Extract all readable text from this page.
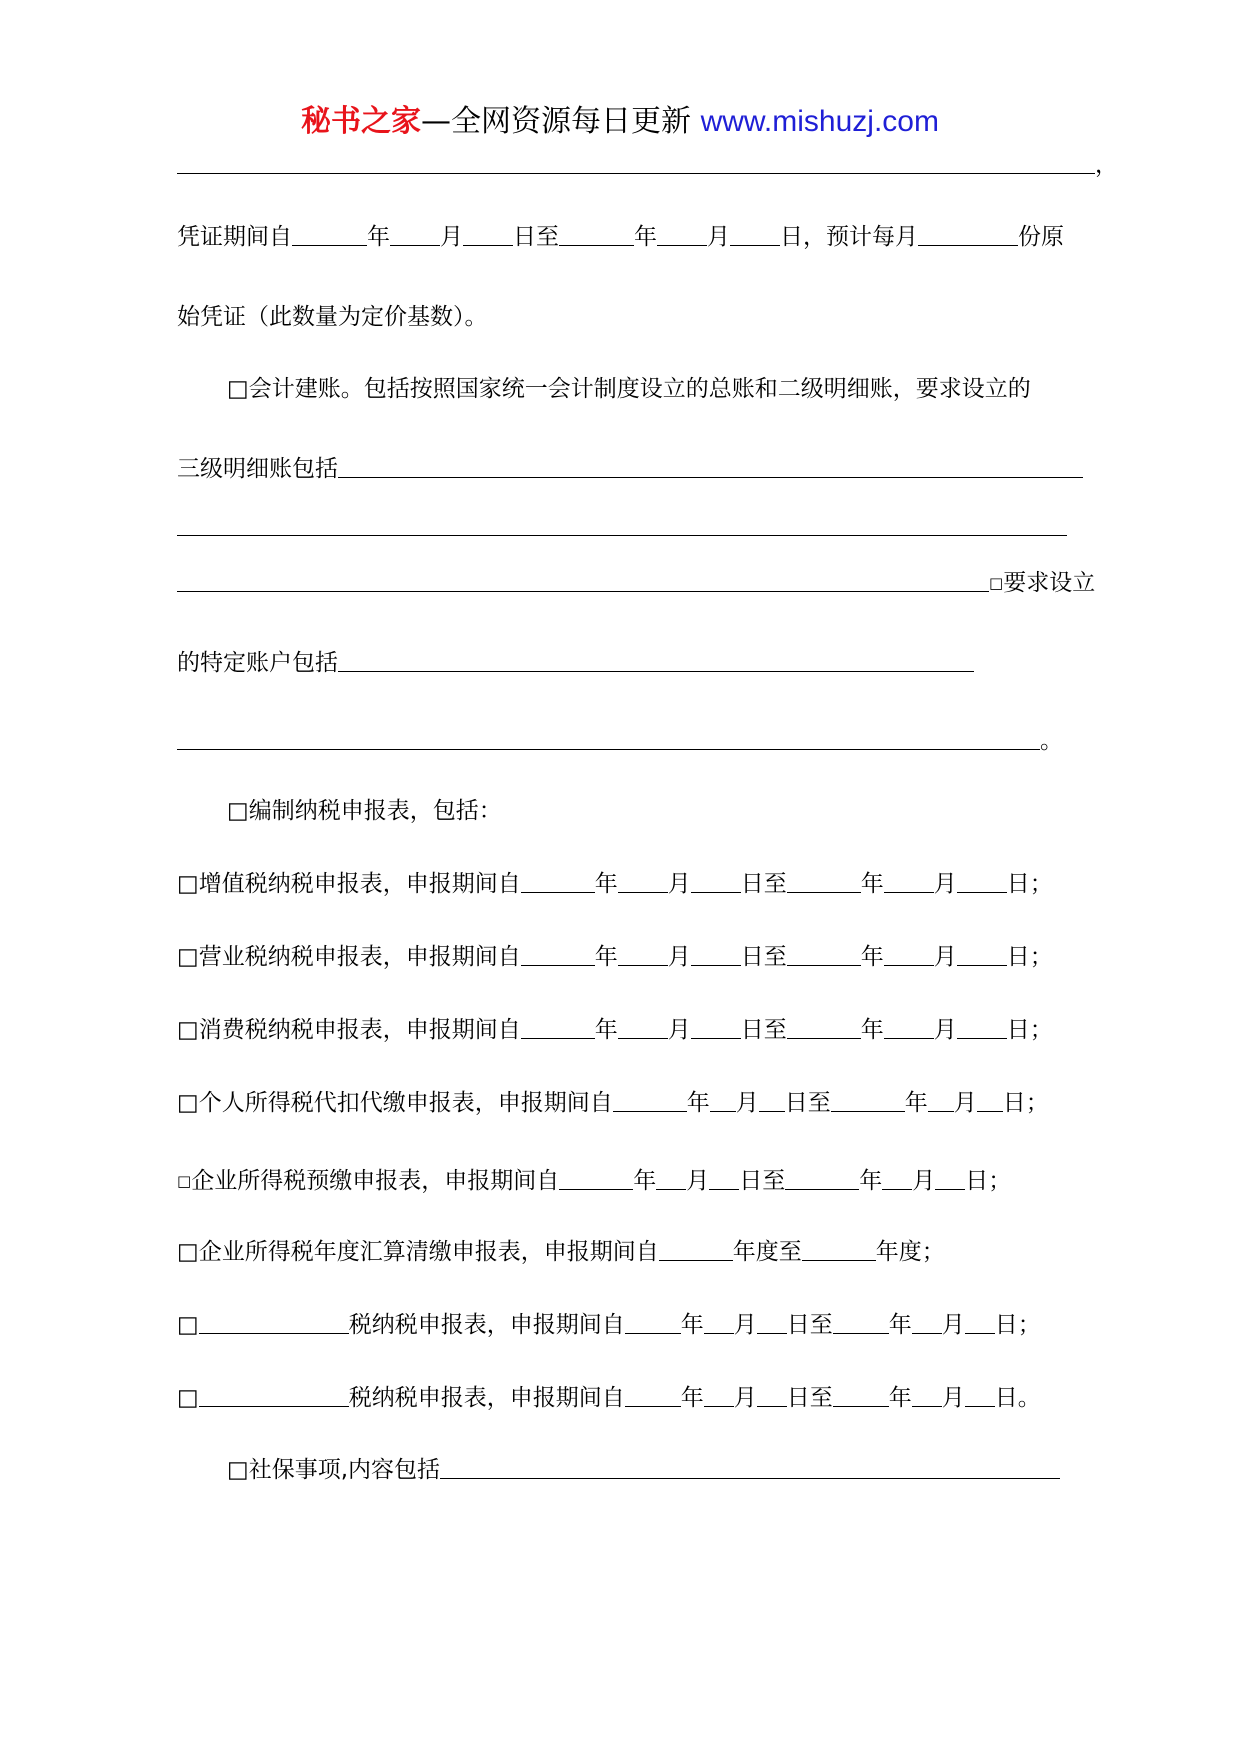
秘书之家—全网资源每日更新 www.mishuzj.com
，
凭证期间自	年 月 日至	年 月 日，预计每月	份原
始凭证（此数量为定价基数）。
□会计建账。包括按照国家统一会计制度设立的总账和二级明细账，要求设立的
三级明细账包括
□要求设立
的特定账户包括
。
□编制纳税申报表，包括：
□增值税纳税申报表，申报期间自	年 月 日至	年 月 日；
□营业税纳税申报表，申报期间自	年 月 日至	年 月 日；
□消费税纳税申报表，申报期间自	年 月 日至	年 月 日；
□个人所得税代扣代缴申报表，申报期间自	年 月 日至	年 月 日；
□企业所得税预缴申报表，申报期间自	年 月 日至	年 月 日；
□企业所得税年度汇算清缴申报表，申报期间自	年度至	年度；
□	税纳税申报表，申报期间自 年 月 日至 年 月 日；
□	税纳税申报表，申报期间自 年 月 日至 年 月 日。
□社保事项,内容包括
